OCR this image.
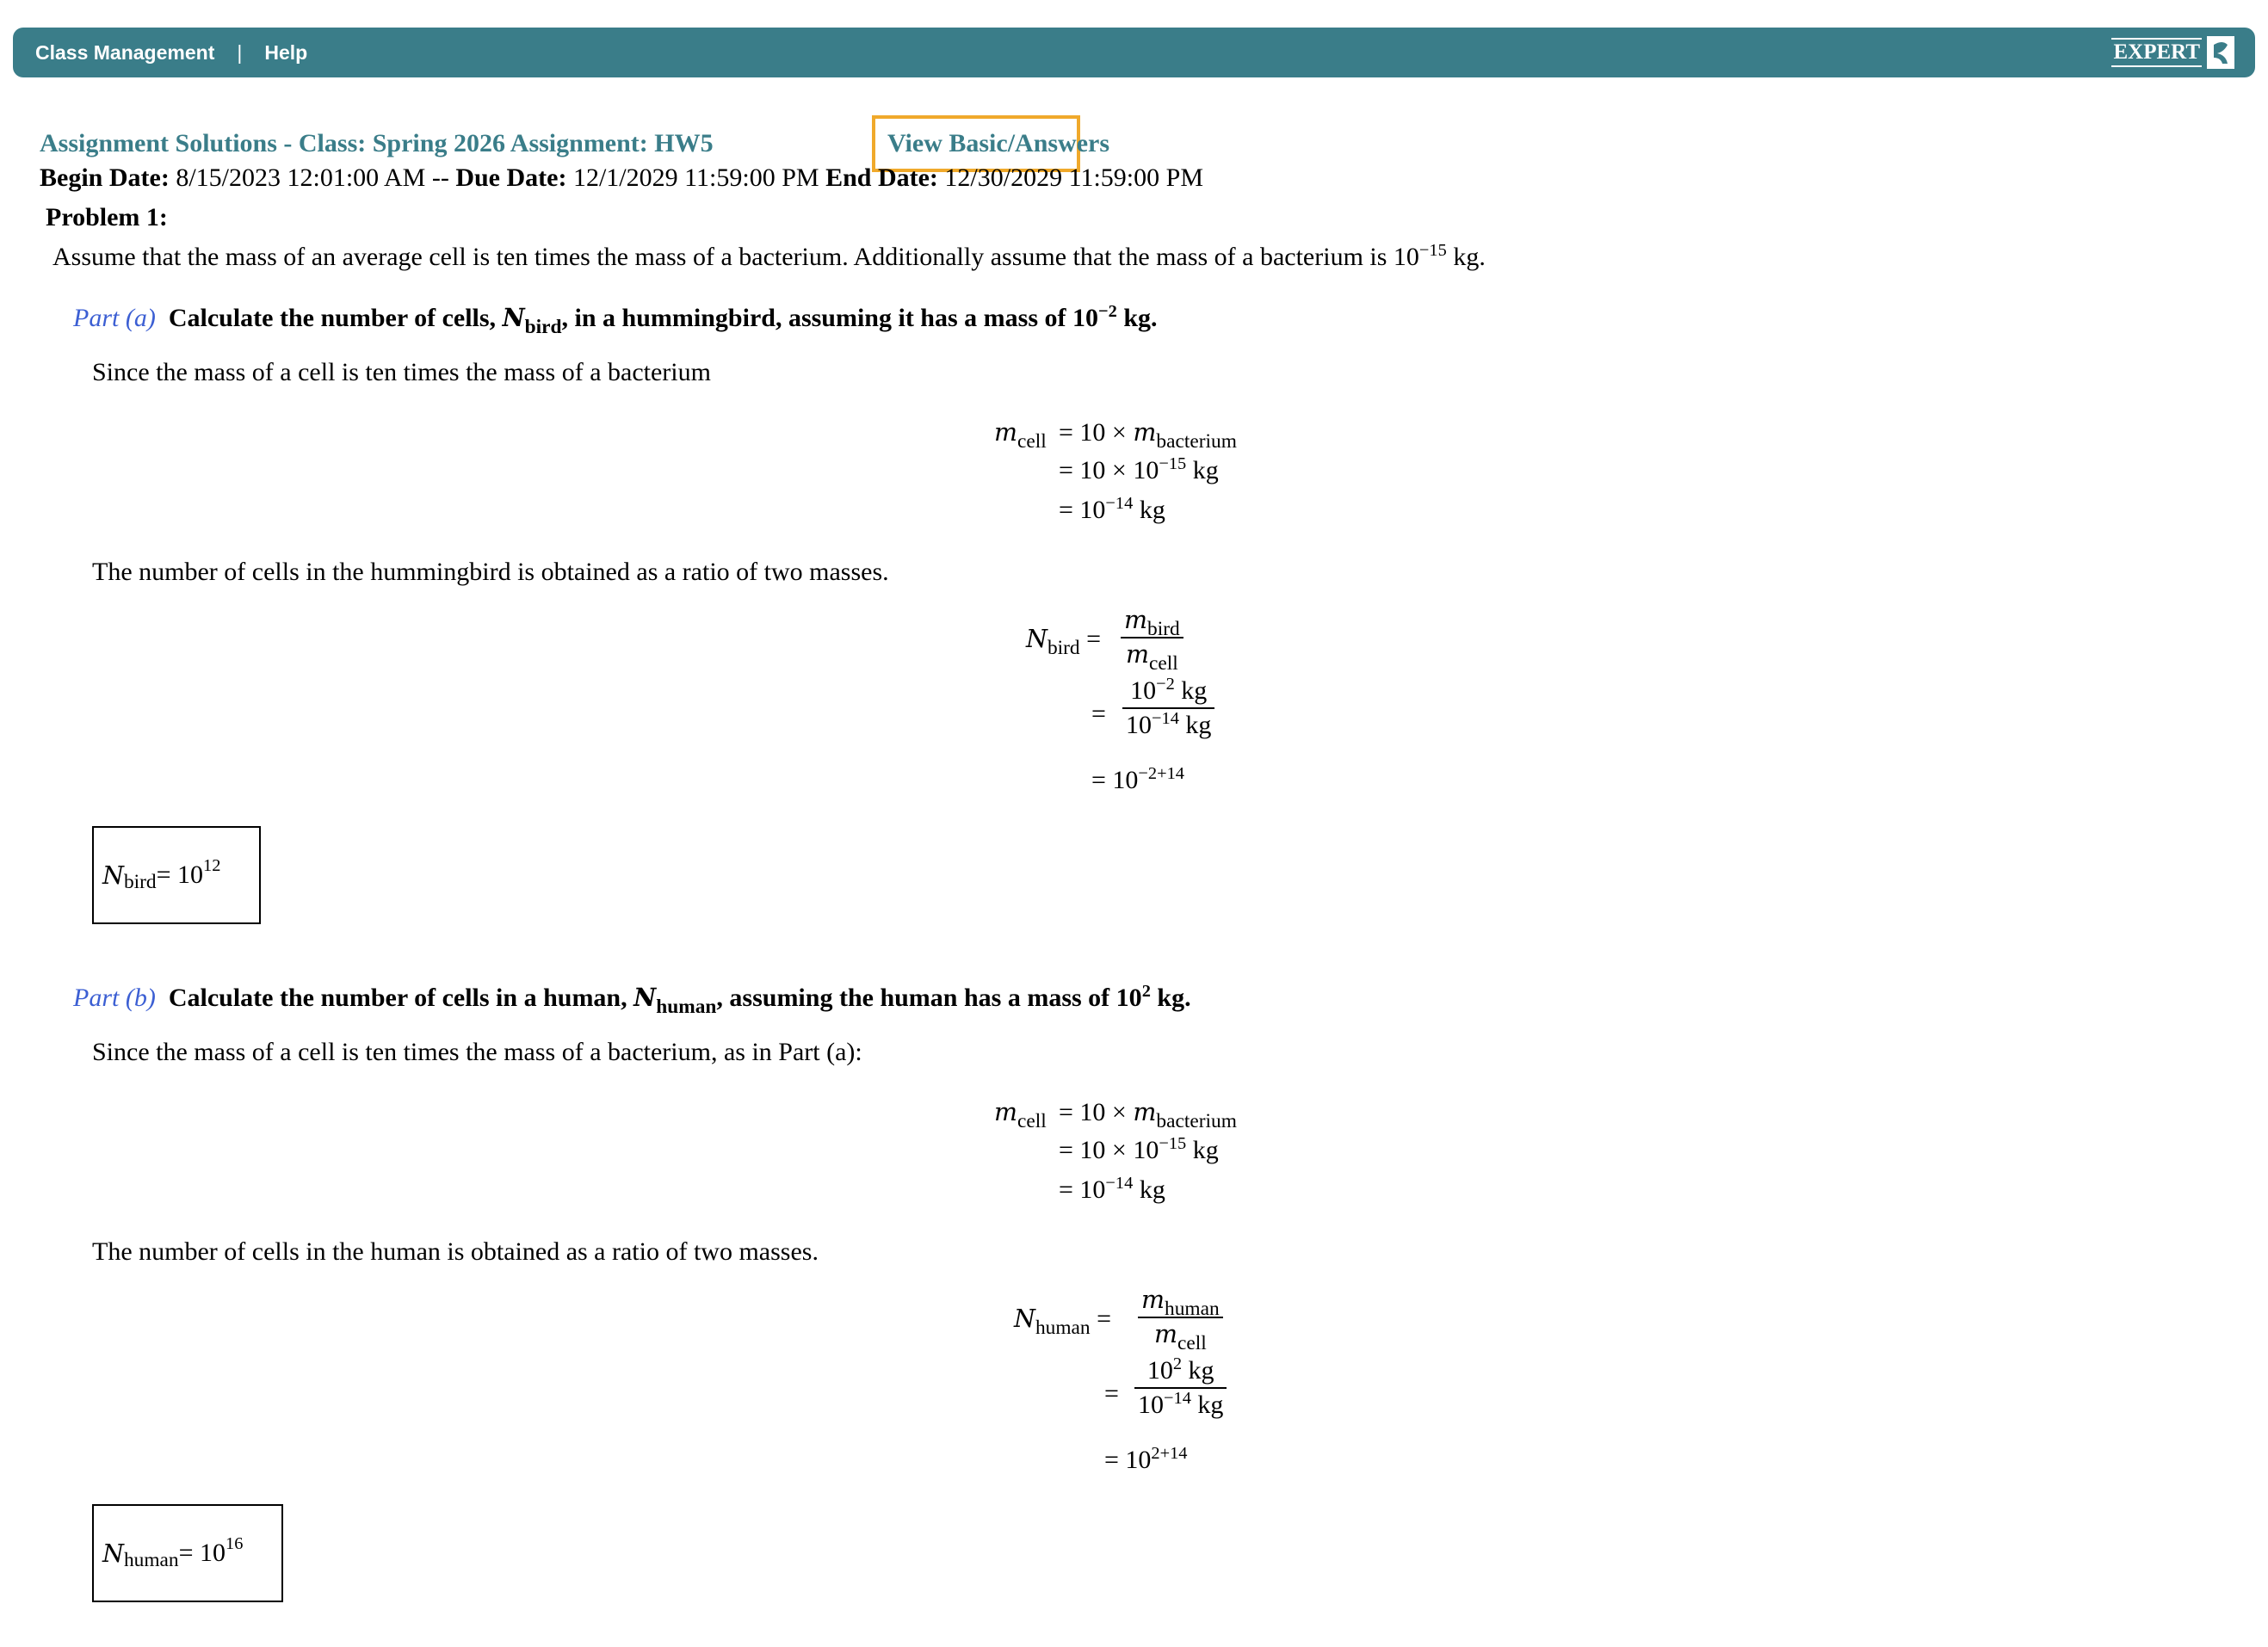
Class Management | Help	EXPERT
Assignment Solutions - Class: Spring 2026 Assignment: HW5	View Basic/Answers
Begin Date: 8/15/2023 12:01:00 AM -- Due Date: 12/1/2029 11:59:00 PM End Date: 12/30/2029 11:59:00 PM
Problem 1:
Assume that the mass of an average cell is ten times the mass of a bacterium. Additionally assume that the mass of a bacterium is $10^{-15}$ kg.
Part (a) Calculate the number of cells, $N_{bird}$, in a hummingbird, assuming it has a mass of $10^{-2}$ kg.
Since the mass of a cell is ten times the mass of a bacterium
$m_{cell} = 10 \times m_{bacterium}$
= $10 \times 10^{-15}$ kg
= $10^{-14}$ kg
The number of cells in the hummingbird is obtained as a ratio of two masses.
$N_{bird}$ =
$m_{bird}$
$m_{cell}$
= $\frac{10^{-2} kg}{10^{-14} kg}$
= $10^{-2+14}$
$N_{bird} = 10^{12}$
Part (b) Calculate the number of cells in a human, $N_{human}$, assuming the human has a mass of $10^2$ kg.
Since the mass of a cell is ten times the mass of a bacterium, as in Part (a):
$m_{cell} = 10 \times m_{bacterium}$
= $10 \times 10^{-15}$ kg
= $10^{-14}$ kg
The number of cells in the human is obtained as a ratio of two masses.
$N_{human}$ =
$m_{human}$
$m_{cell}$
= $\frac{10^2 kg}{10^{-14} kg}$
= $10^{2+14}$
$N_{human} = 10^{16}$
